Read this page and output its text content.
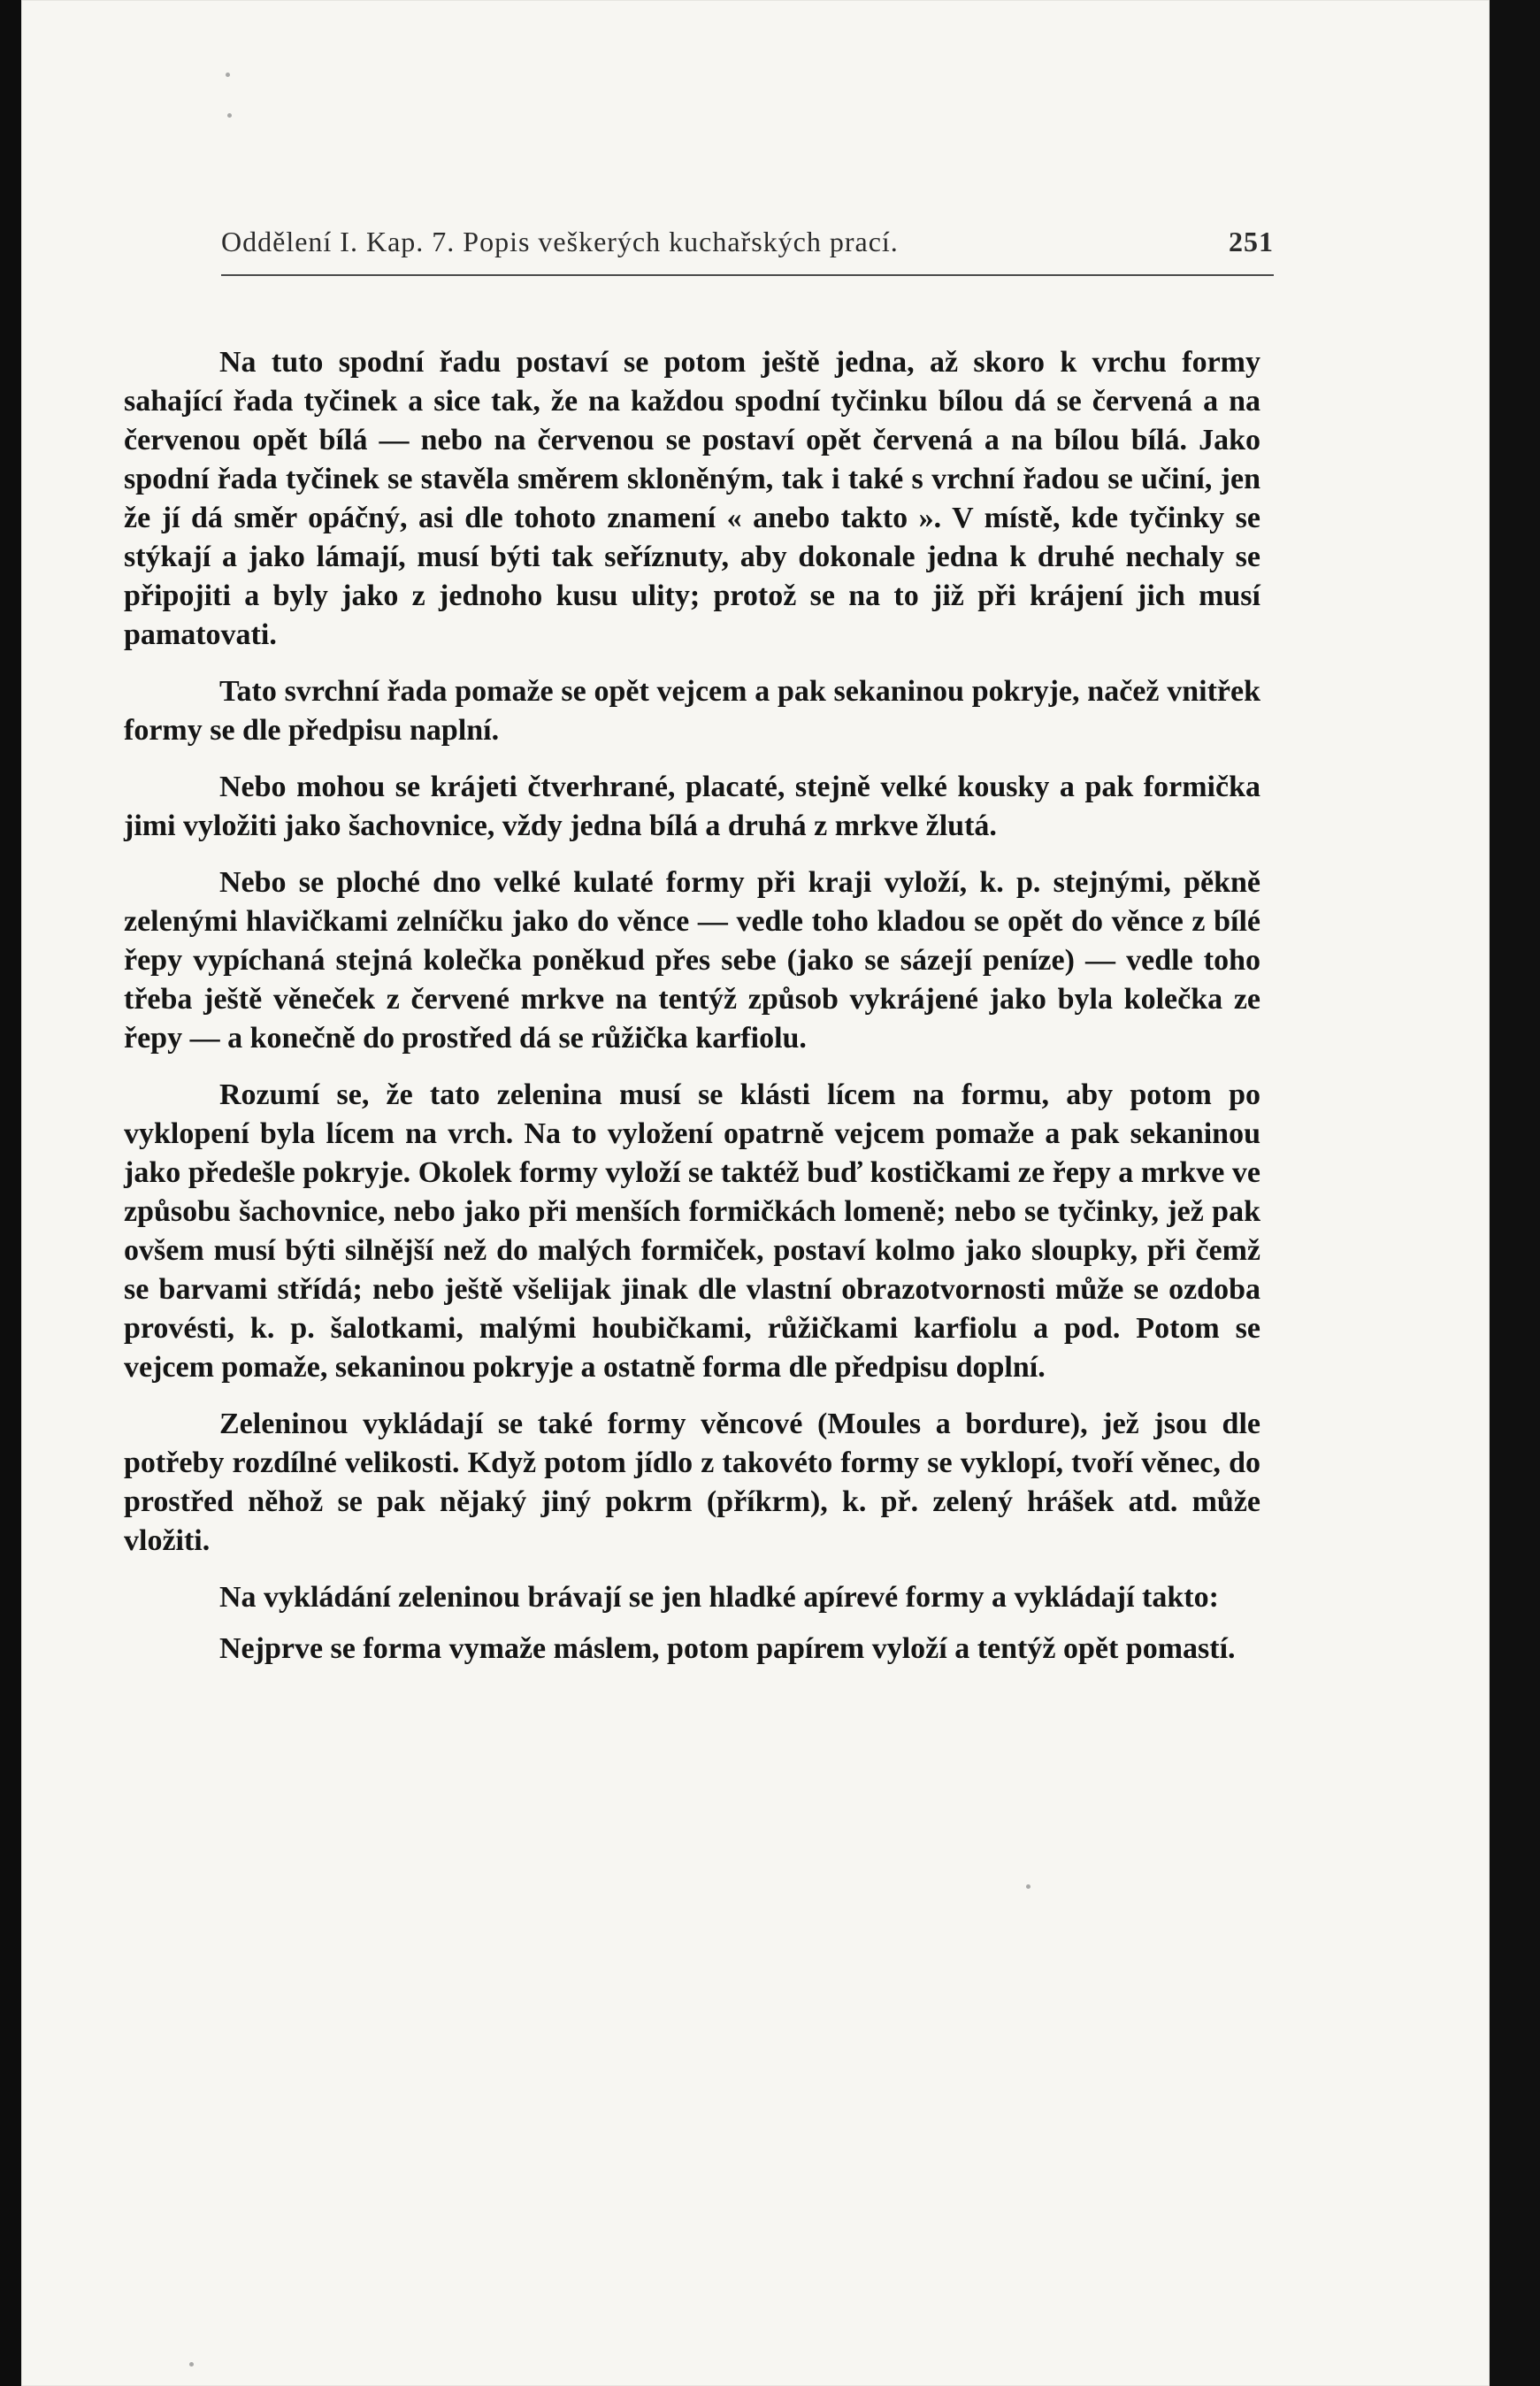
Oddělení I. Kap. 7. Popis veškerých kuchařských prací.	251

Na tuto spodní řadu postaví se potom ještě jedna, až skoro k vrchu formy sahající řada tyčinek a sice tak, že na každou spodní tyčinku bílou dá se červená a na červenou opět bílá — nebo na červenou se postaví opět červená a na bílou bílá. Jako spodní řada tyčinek se stavěla směrem skloněným, tak i také s vrchní řadou se učiní, jen že jí dá směr opáčný, asi dle tohoto znamení « anebo takto ». V místě, kde tyčinky se stýkají a jako lámají, musí býti tak seříznuty, aby dokonale jedna k druhé nechaly se připojiti a byly jako z jednoho kusu ulity; protož se na to již při krájení jich musí pamatovati.

Tato svrchní řada pomaže se opět vejcem a pak sekaninou pokryje, načež vnitřek formy se dle předpisu naplní.

Nebo mohou se krájeti čtverhrané, placaté, stejně velké kousky a pak formička jimi vyložiti jako šachovnice, vždy jedna bílá a druhá z mrkve žlutá.

Nebo se ploché dno velké kulaté formy při kraji vyloží, k. p. stejnými, pěkně zelenými hlavičkami zelníčku jako do věnce — vedle toho kladou se opět do věnce z bílé řepy vypíchaná stejná kolečka poněkud přes sebe (jako se sázejí peníze) — vedle toho třeba ještě věneček z červené mrkve na tentýž způsob vykrájené jako byla kolečka ze řepy — a konečně do prostřed dá se růžička karfiolu.

Rozumí se, že tato zelenina musí se klásti lícem na formu, aby potom po vyklopení byla lícem na vrch. Na to vyložení opatrně vejcem pomaže a pak sekaninou jako předešle pokryje. Okolek formy vyloží se taktéž buď kostičkami ze řepy a mrkve ve způsobu šachovnice, nebo jako při menších formičkách lomeně; nebo se tyčinky, jež pak ovšem musí býti silnější než do malých formiček, postaví kolmo jako sloupky, při čemž se barvami střídá; nebo ještě všelijak jinak dle vlastní obrazotvornosti může se ozdoba provésti, k. p. šalotkami, malými houbičkami, růžičkami karfiolu a pod. Potom se vejcem pomaže, sekaninou pokryje a ostatně forma dle předpisu doplní.

Zeleninou vykládají se také formy věncové (Moules a bordure), jež jsou dle potřeby rozdílné velikosti. Když potom jídlo z takovéto formy se vyklopí, tvoří věnec, do prostřed něhož se pak nějaký jiný pokrm (příkrm), k. př. zelený hrášek atd. může vložiti.

Na vykládání zeleninou brávají se jen hladké apírevé formy a vykládají takto:

Nejprve se forma vymaže máslem, potom papírem vyloží a tentýž opět pomastí.
